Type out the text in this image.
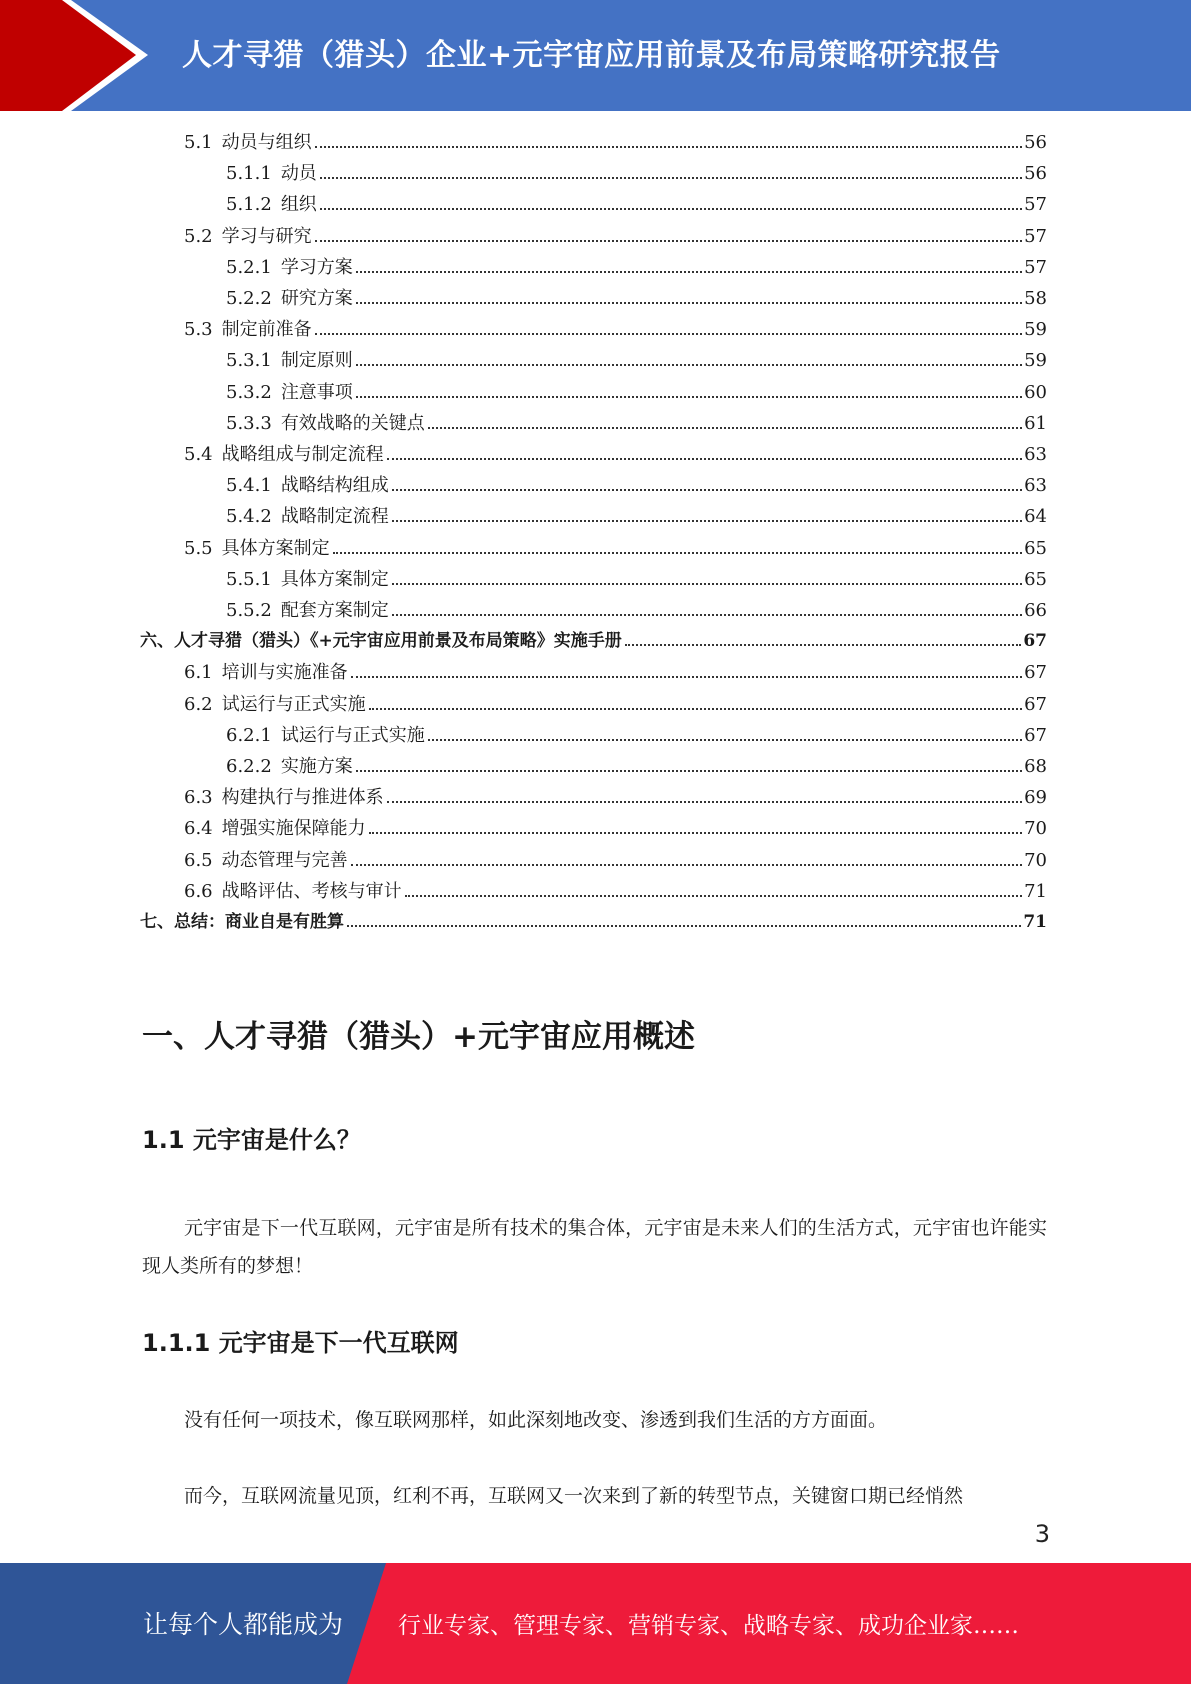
人才寻猎（猎头）企业+元宇宙应用前景及布局策略研究报告
5.1 动员与组织	56
5.1.1 动员	56
5.1.2 组织	57
5.2 学习与研究	57
5.2.1 学习方案	57
5.2.2 研究方案	58
5.3 制定前准备	59
5.3.1 制定原则	59
5.3.2 注意事项	60
5.3.3 有效战略的关键点	61
5.4 战略组成与制定流程	63
5.4.1 战略结构组成	63
5.4.2 战略制定流程	64
5.5 具体方案制定	65
5.5.1 具体方案制定	65
5.5.2 配套方案制定	66
六、人才寻猎（猎头）《+元宇宙应用前景及布局策略》实施手册	67
6.1 培训与实施准备	67
6.2 试运行与正式实施	67
6.2.1 试运行与正式实施	67
6.2.2 实施方案	68
6.3 构建执行与推进体系	69
6.4 增强实施保障能力	70
6.5 动态管理与完善	70
6.6 战略评估、考核与审计	71
七、总结：商业自是有胜算	71
一、人才寻猎（猎头）+元宇宙应用概述
1.1 元宇宙是什么？
元宇宙是下一代互联网，元宇宙是所有技术的集合体，元宇宙是未来人们的生活方式，元宇宙也许能实现人类所有的梦想！
1.1.1 元宇宙是下一代互联网
没有任何一项技术，像互联网那样，如此深刻地改变、渗透到我们生活的方方面面。
而今，互联网流量见顶，红利不再，互联网又一次来到了新的转型节点，关键窗口期已经悄然
3
让每个人都能成为 行业专家、管理专家、营销专家、战略专家、成功企业家……
